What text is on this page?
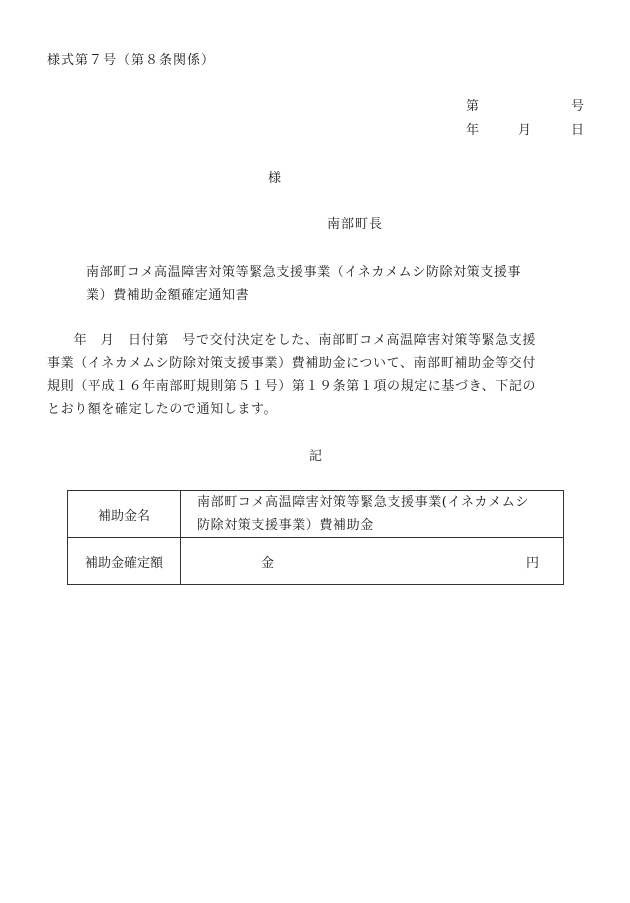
様式第７号（第８条関係）
第	号
年	月	日
様
南部町長
南部町コメ高温障害対策等緊急支援事業（イネカメムシ防除対策支援事
業）費補助金額確定通知書
　年　月　日付第　号で交付決定をした、南部町コメ高温障害対策等緊急支援
事業（イネカメムシ防除対策支援事業）費補助金について、南部町補助金等交付
規則（平成１６年南部町規則第５１号）第１９条第１項の規定に基づき、下記の
とおり額を確定したので通知します。
記
補助金名	南部町コメ高温障害対策等緊急支援事業(イネカメムシ
防除対策支援事業）費補助金

補助金確定額	金 円
